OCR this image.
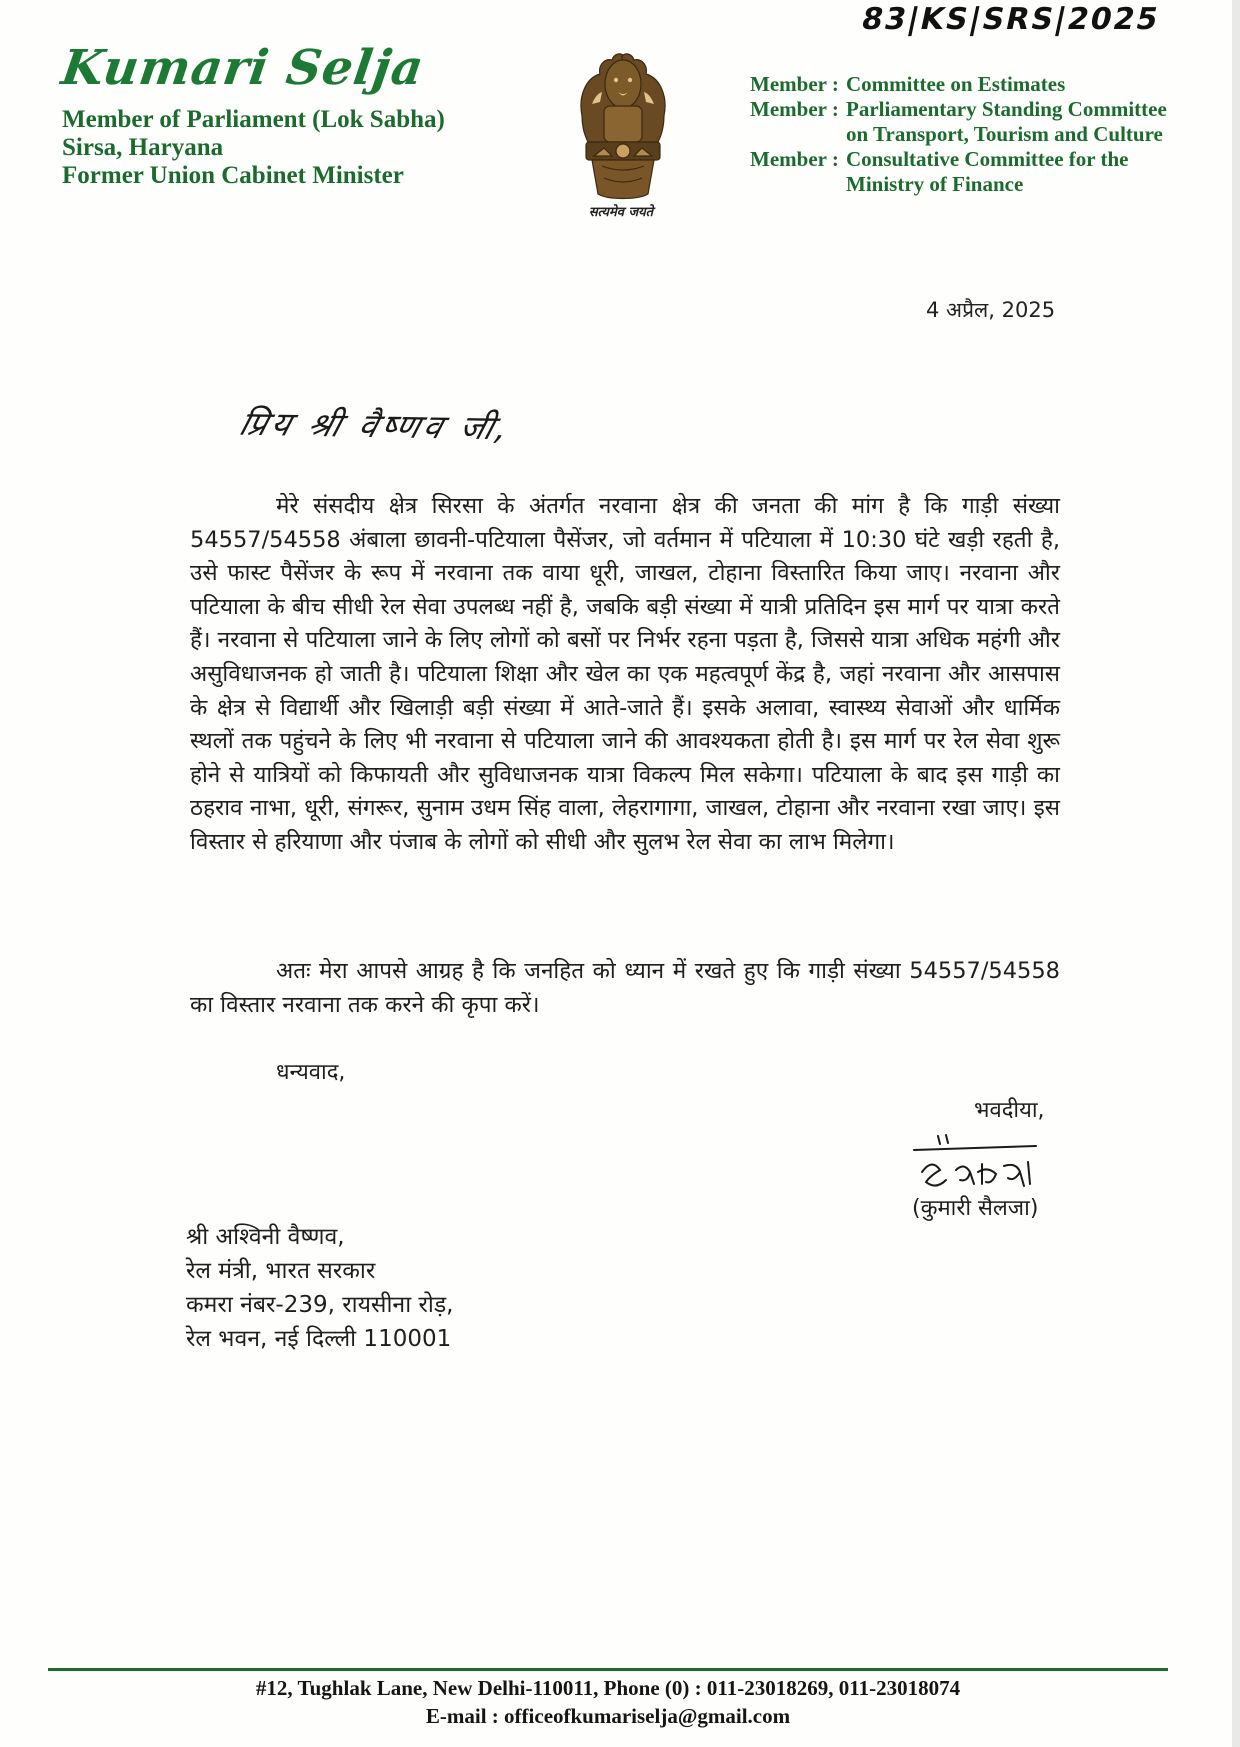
83|KS|SRS|2025
Kumari Selja
Member of Parliament (Lok Sabha)
Sirsa, Haryana
Former Union Cabinet Minister
सत्यमेव जयते
Member : Committee on Estimates
Member : Parliamentary Standing Committee
on Transport, Tourism and Culture
Member : Consultative Committee for the
Ministry of Finance
4 अप्रैल, 2025
प्रिय श्री वैष्णव जी,

मेरे संसदीय क्षेत्र सिरसा के अंतर्गत नरवाना क्षेत्र की जनता की मांग है कि गाड़ी संख्या 54557/54558 अंबाला छावनी-पटियाला पैसेंजर, जो वर्तमान में पटियाला में 10:30 घंटे खड़ी रहती है, उसे फास्ट पैसेंजर के रूप में नरवाना तक वाया धूरी, जाखल, टोहाना विस्तारित किया जाए। नरवाना और पटियाला के बीच सीधी रेल सेवा उपलब्ध नहीं है, जबकि बड़ी संख्या में यात्री प्रतिदिन इस मार्ग पर यात्रा करते हैं। नरवाना से पटियाला जाने के लिए लोगों को बसों पर निर्भर रहना पड़ता है, जिससे यात्रा अधिक महंगी और असुविधाजनक हो जाती है। पटियाला शिक्षा और खेल का एक महत्वपूर्ण केंद्र है, जहां नरवाना और आसपास के क्षेत्र से विद्यार्थी और खिलाड़ी बड़ी संख्या में आते-जाते हैं। इसके अलावा, स्वास्थ्य सेवाओं और धार्मिक स्थलों तक पहुंचने के लिए भी नरवाना से पटियाला जाने की आवश्यकता होती है। इस मार्ग पर रेल सेवा शुरू होने से यात्रियों को किफायती और सुविधाजनक यात्रा विकल्प मिल सकेगा। पटियाला के बाद इस गाड़ी का ठहराव नाभा, धूरी, संगरूर, सुनाम उधम सिंह वाला, लेहरागागा, जाखल, टोहाना और नरवाना रखा जाए। इस विस्तार से हरियाणा और पंजाब के लोगों को सीधी और सुलभ रेल सेवा का लाभ मिलेगा।

अतः मेरा आपसे आग्रह है कि जनहित को ध्यान में रखते हुए कि गाड़ी संख्या 54557/54558 का विस्तार नरवाना तक करने की कृपा करें।

धन्यवाद,
भवदीया,
(कुमारी सैलजा)
श्री अश्विनी वैष्णव,
रेल मंत्री, भारत सरकार
कमरा नंबर-239, रायसीना रोड़,
रेल भवन, नई दिल्ली 110001
#12, Tughlak Lane, New Delhi-110011, Phone (0) : 011-23018269, 011-23018074
E-mail : officeofkumariselja@gmail.com
